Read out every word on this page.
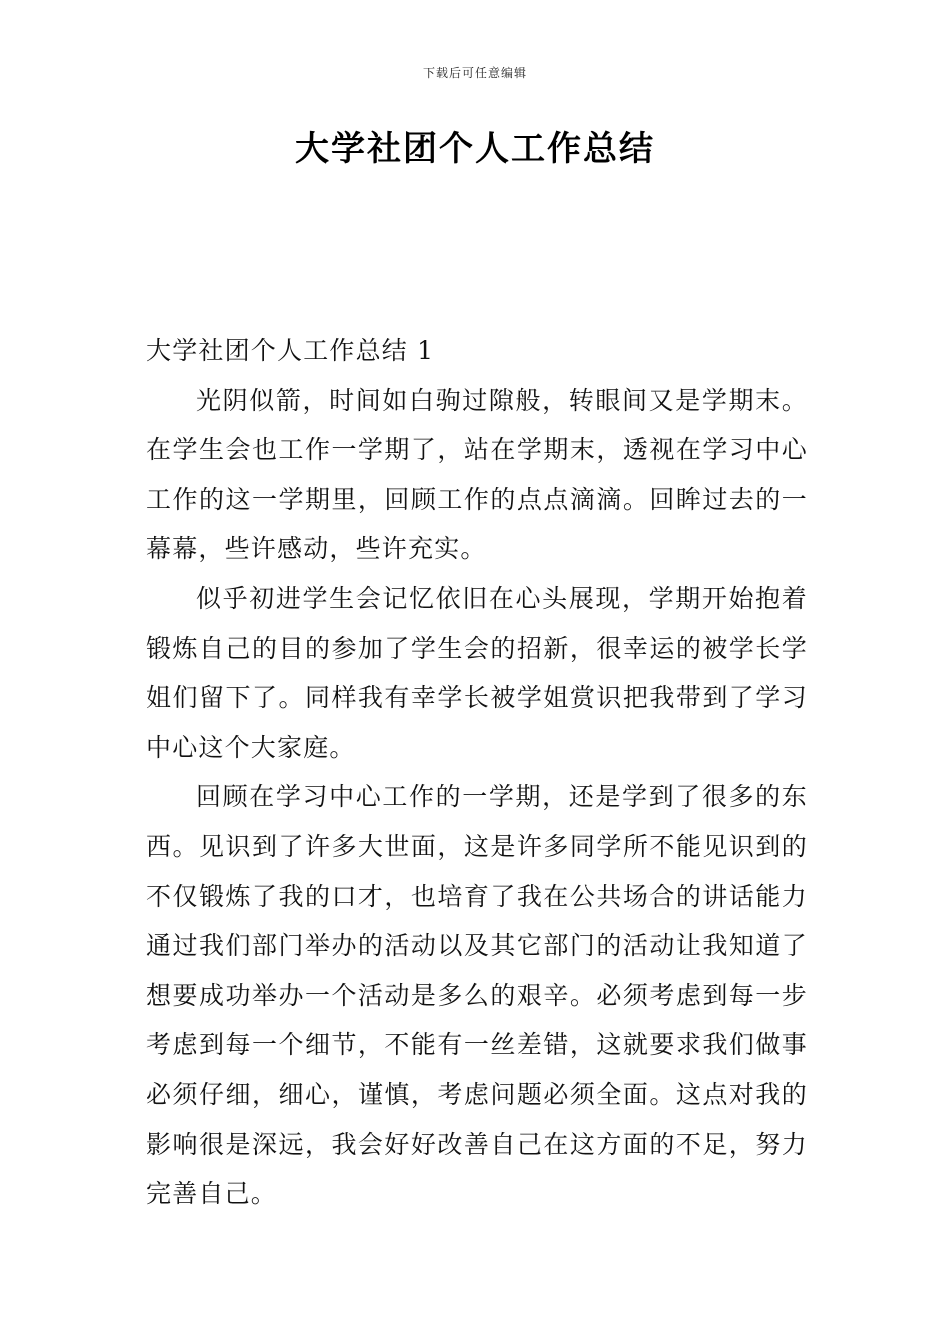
下载后可任意编辑
大学社团个人工作总结

大学社团个人工作总结 1

光阴似箭，时间如白驹过隙般，转眼间又是学期末。在学生会也工作一学期了，站在学期末，透视在学习中心工作的这一学期里，回顾工作的点点滴滴。回眸过去的一幕幕，些许感动，些许充实。

似乎初进学生会记忆依旧在心头展现，学期开始抱着锻炼自己的目的参加了学生会的招新，很幸运的被学长学姐们留下了。同样我有幸学长被学姐赏识把我带到了学习中心这个大家庭。

回顾在学习中心工作的一学期，还是学到了很多的东西。见识到了许多大世面，这是许多同学所不能见识到的不仅锻炼了我的口才，也培育了我在公共场合的讲话能力通过我们部门举办的活动以及其它部门的活动让我知道了想要成功举办一个活动是多么的艰辛。必须考虑到每一步考虑到每一个细节，不能有一丝差错，这就要求我们做事必须仔细，细心，谨慎，考虑问题必须全面。这点对我的影响很是深远，我会好好改善自己在这方面的不足，努力完善自己。
